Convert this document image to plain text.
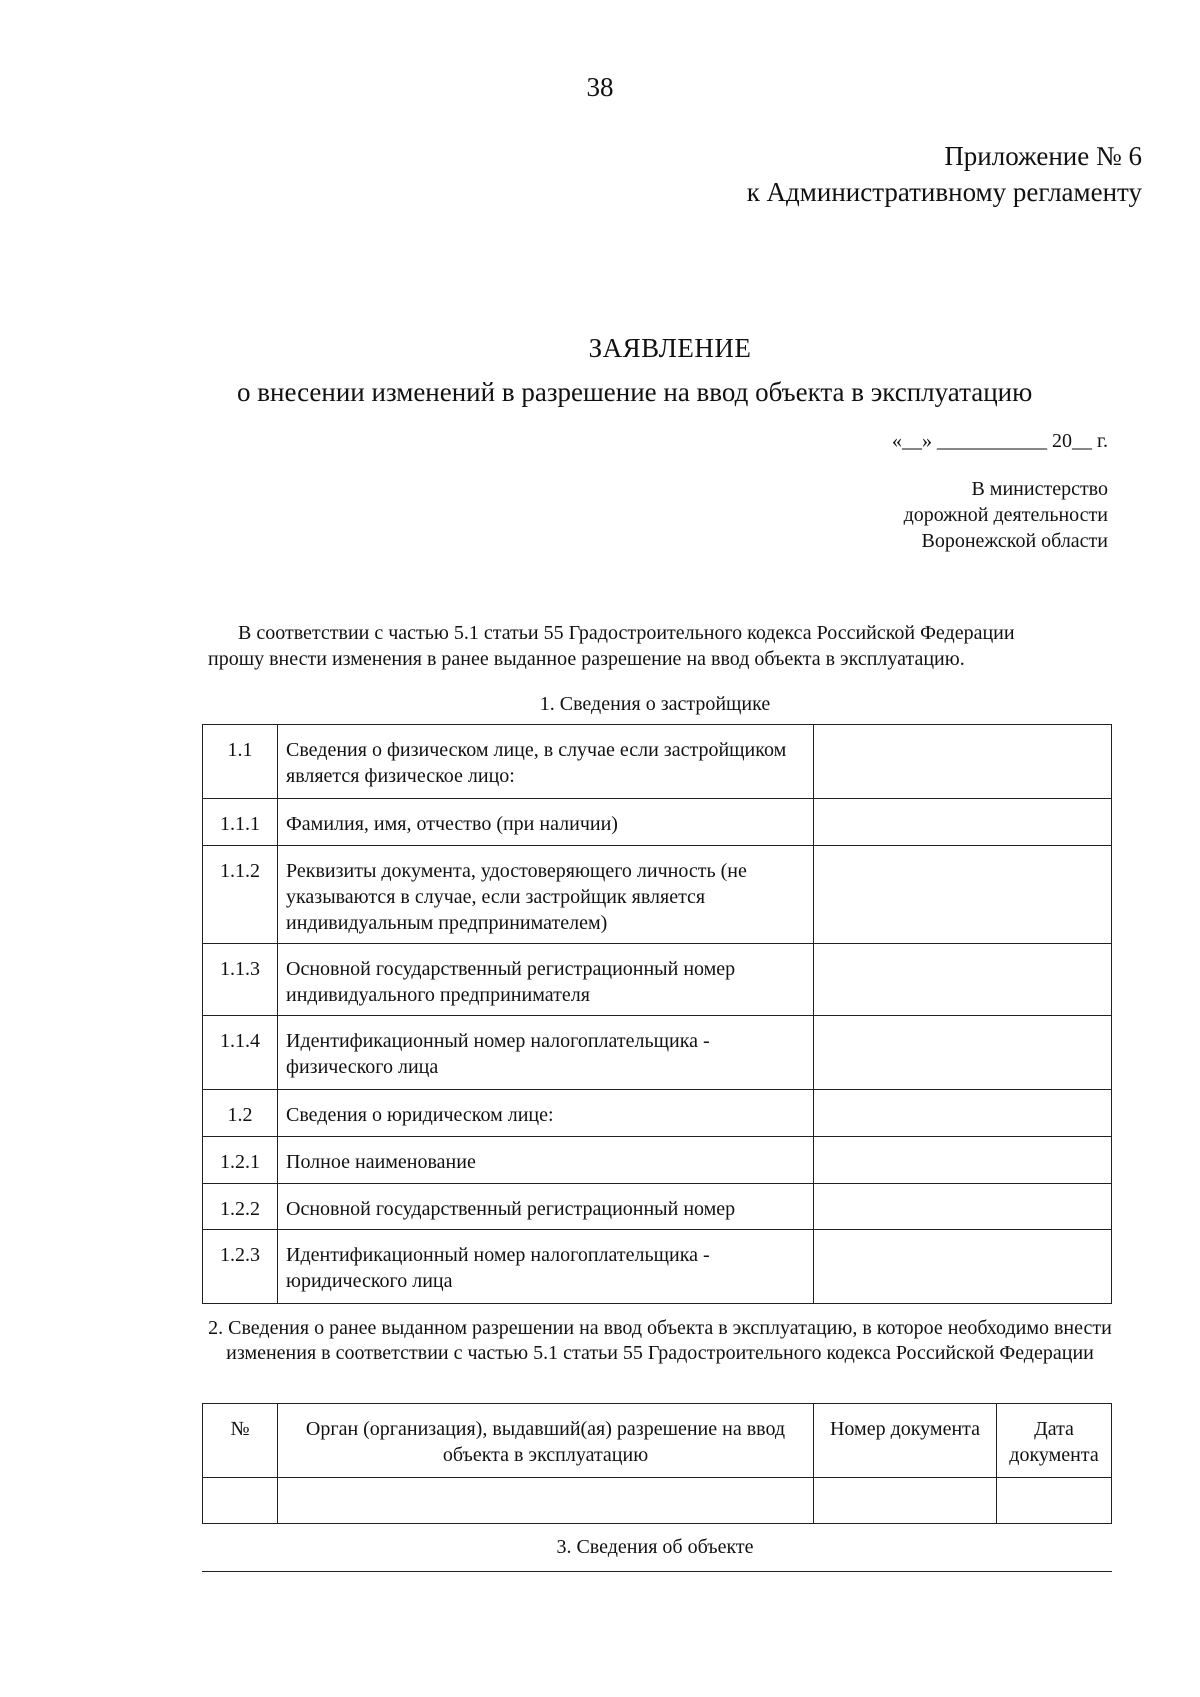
38
Приложение № 6
к Административному регламенту
ЗАЯВЛЕНИЕ
о внесении изменений в разрешение на ввод объекта в эксплуатацию
«__» ___________ 20__ г.
В министерство
дорожной деятельности
Воронежской области
В соответствии с частью 5.1 статьи 55 Градостроительного кодекса Российской Федерации
прошу внести изменения в ранее выданное разрешение на ввод объекта в эксплуатацию.
1. Сведения о застройщике
1.1	Сведения о физическом лице, в случае если застройщиком является физическое лицо:	

1.1.1	Фамилия, имя, отчество (при наличии)	

1.1.2	Реквизиты документа, удостоверяющего личность (не указываются в случае, если застройщик является индивидуальным предпринимателем)	

1.1.3	Основной государственный регистрационный номер индивидуального предпринимателя	

1.1.4	Идентификационный номер налогоплательщика - физического лица	

1.2	Сведения о юридическом лице:	

1.2.1	Полное наименование	

1.2.2	Основной государственный регистрационный номер	

1.2.3	Идентификационный номер налогоплательщика - юридического лица	

2. Сведения о ранее выданном разрешении на ввод объекта в эксплуатацию, в которое необходимо внести изменения в соответствии с частью 5.1 статьи 55 Градостроительного кодекса Российской Федерации
№	Орган (организация), выдавший(ая) разрешение на ввод объекта в эксплуатацию	Номер документа	Дата документа

3. Сведения об объекте
